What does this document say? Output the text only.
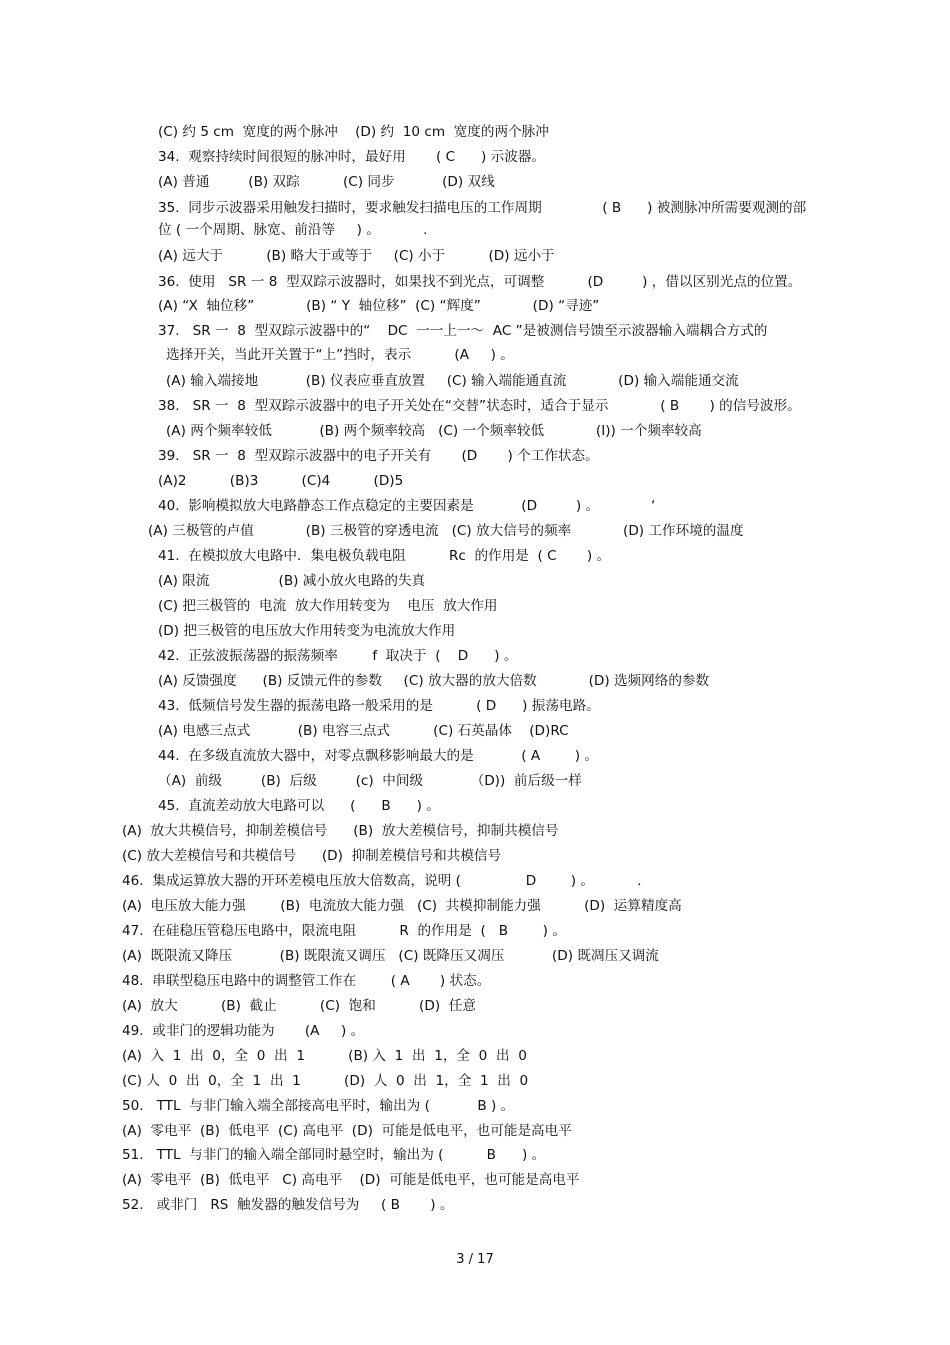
(C) 约 5 cm  宽度的两个脉冲    (D) 约  10 cm  宽度的两个脉冲
34.  观察持续时间很短的脉冲时，最好用       ( C      ) 示波器。
(A) 普通         (B) 双踪          (C) 同步           (D) 双线
35.  同步示波器采用触发扫描时，要求触发扫描电压的工作周期              ( B      ) 被测脉冲所需要观测的部
位 ( 一个周期、脉宽、前沿等     ) 。          .
(A) 远大于          (B) 略大于或等于     (C) 小于          (D) 远小于
36.  使用   SR 一 8  型双踪示波器时，如果找不到光点，可调整          (D         ) ，借以区别光点的位置。
(A) “X  轴位移”            (B) “ Y  轴位移”  (C) “辉度”            (D) “寻迹”
37.   SR 一  8  型双踪示波器中的“    DC  一一上一～  AC ”是被测信号馈至示波器输入端耦合方式的
选择开关，当此开关置于“上”挡时，表示          (A     ) 。
(A) 输入端接地           (B) 仪表应垂直放置     (C) 输入端能通直流            (D) 输入端能通交流
38.   SR 一  8  型双踪示波器中的电子开关处在“交替”状态时，适合于显示            ( B       ) 的信号波形。
(A) 两个频率较低           (B) 两个频率较高   (C) 一个频率较低            (I)) 一个频率较高
39.   SR 一  8  型双踪示波器中的电子开关有       (D       ) 个工作状态。
(A)2          (B)3          (C)4          (D)5
40.  影响模拟放大电路静态工作点稳定的主要因素是           (D         ) 。            ‘
(A) 三极管的卢值            (B) 三极管的穿透电流   (C) 放大信号的频率            (D) 工作环境的温度
41.  在模拟放大电路中．集电极负载电阻          Rc  的作用是  ( C       ) 。
(A) 限流                (B) 减小放火电路的失真
(C) 把三极管的  电流  放大作用转变为    电压  放大作用
(D) 把三极管的电压放大作用转变为电流放大作用
42.  正弦波振荡器的振荡频率        f  取决于  (    D      ) 。
(A) 反馈强度      (B) 反馈元件的参数     (C) 放大器的放大倍数            (D) 选频网络的参数
43.  低频信号发生器的振荡电路一般采用的是          ( D      ) 振荡电路。
(A) 电感三点式           (B) 电容三点式          (C) 石英晶体    (D)RC
44.  在多级直流放大器中，对零点飘移影响最大的是           ( A        ) 。
（A)  前级         (B)  后级         (c)  中间级           （D))  前后级一样
45.  直流差动放大电路可以      (      B      ) 。
(A)  放大共模信号，抑制差模信号      (B)  放大差模信号，抑制共模信号
(C) 放大差模信号和共模信号      (D)  抑制差模信号和共模信号
46.  集成运算放大器的开环差模电压放大倍数高，说明 (               D        ) 。          .
(A)  电压放大能力强        (B)  电流放大能力强   (C)  共模抑制能力强          (D)  运算精度高
47.  在硅稳压管稳压电路中，限流电阻          R  的作用是  (   B        ) 。
(A)  既限流又降压           (B) 既限流又调压   (C) 既降压又凋压           (D) 既凋压又调流
48.  串联型稳压电路中的调整管工作在        ( A       ) 状态。
(A)  放大          (B)  截止          (C)  饱和          (D)  任意
49.  或非门的逻辑功能为       (A     ) 。
(A)  入  1  出  0，全  0  出  1          (B) 入  1  出  1，全  0  出  0
(C) 人  0  出  0，全  1  出  1          (D)  人  0  出  1，全  1  出  0
50.   TTL  与非门输入端全部接高电平时，输出为 (           B ) 。
(A)  零电平  (B)  低电平  (C) 高电平  (D)  可能是低电平，也可能是高电平
51.   TTL  与非门的输入端全部同时悬空时，输出为 (          B      ) 。
(A)  零电平  (B)  低电平   C) 高电平    (D)  可能是低电平，也可能是高电平
52.   或非门   RS  触发器的触发信号为     ( B       ) 。
3 / 17
